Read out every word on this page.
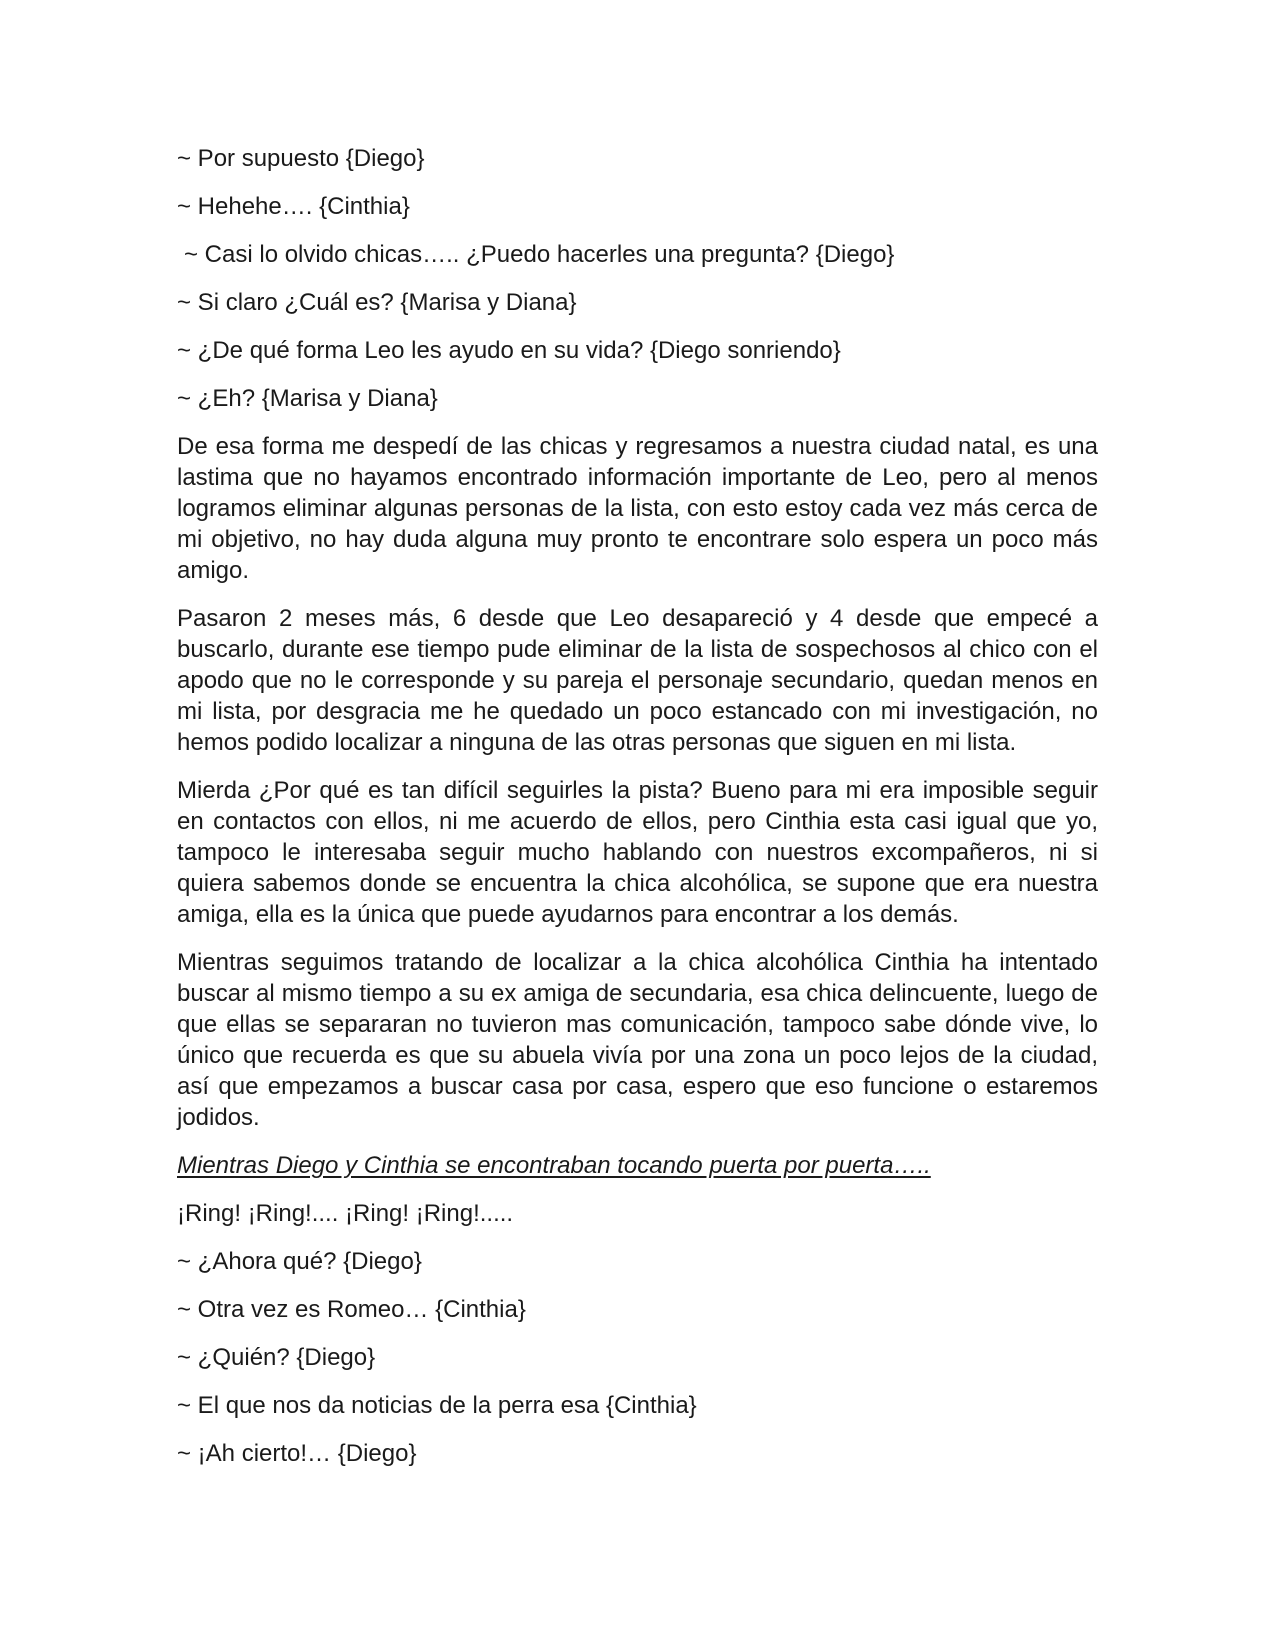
~ Por supuesto {Diego}

~ Hehehe…. {Cinthia}

~ Casi lo olvido chicas….. ¿Puedo hacerles una pregunta? {Diego}

~ Si claro ¿Cuál es? {Marisa y Diana}

~ ¿De qué forma Leo les ayudo en su vida? {Diego sonriendo}

~ ¿Eh? {Marisa y Diana}

De esa forma me despedí de las chicas y regresamos a nuestra ciudad natal, es una lastima que no hayamos encontrado información importante de Leo, pero al menos logramos eliminar algunas personas de la lista, con esto estoy cada vez más cerca de mi objetivo, no hay duda alguna muy pronto te encontrare solo espera un poco más amigo.

Pasaron 2 meses más, 6 desde que Leo desapareció y 4 desde que empecé a buscarlo, durante ese tiempo pude eliminar de la lista de sospechosos al chico con el apodo que no le corresponde y su pareja el personaje secundario, quedan menos en mi lista, por desgracia me he quedado un poco estancado con mi investigación, no hemos podido localizar a ninguna de las otras personas que siguen en mi lista.

Mierda ¿Por qué es tan difícil seguirles la pista? Bueno para mi era imposible seguir en contactos con ellos, ni me acuerdo de ellos, pero Cinthia esta casi igual que yo, tampoco le interesaba seguir mucho hablando con nuestros excompañeros, ni si quiera sabemos donde se encuentra la chica alcohólica, se supone que era nuestra amiga, ella es la única que puede ayudarnos para encontrar a los demás.

Mientras seguimos tratando de localizar a la chica alcohólica Cinthia ha intentado buscar al mismo tiempo a su ex amiga de secundaria, esa chica delincuente, luego de que ellas se separaran no tuvieron mas comunicación, tampoco sabe dónde vive, lo único que recuerda es que su abuela vivía por una zona un poco lejos de la ciudad, así que empezamos a buscar casa por casa, espero que eso funcione o estaremos jodidos.

Mientras Diego y Cinthia se encontraban tocando puerta por puerta…..

¡Ring! ¡Ring!.... ¡Ring! ¡Ring!.....

~ ¿Ahora qué? {Diego}

~ Otra vez es Romeo… {Cinthia}

~ ¿Quién? {Diego}

~ El que nos da noticias de la perra esa {Cinthia}

~ ¡Ah cierto!… {Diego}
